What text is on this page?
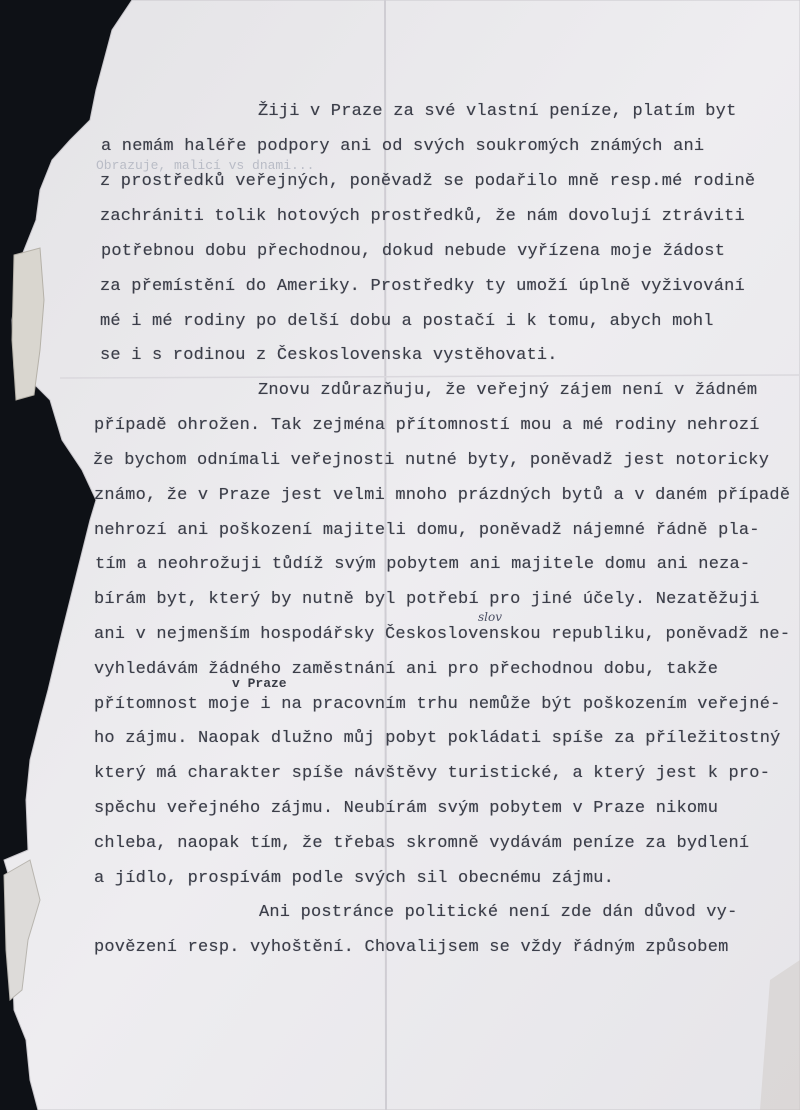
Obrazuje, malicí vs dnami...
Žiji v Praze za své vlastní peníze, platím byt
a nemám haléře podpory ani od svých soukromých známých ani
z prostředků veřejných, poněvadž se podařilo mně resp.mé rodině
zachrániti tolik hotových prostředků, že nám dovolují ztráviti
potřebnou dobu přechodnou, dokud nebude vyřízena moje žádost
za přemístění do Ameriky. Prostředky ty umoží úplně vyživování
mé i mé rodiny po delší dobu a postačí i k tomu, abych mohl
se i s rodinou z Československa vystěhovati.
Znovu zdůrazňuju, že veřejný zájem není v žádném
případě ohrožen. Tak zejména přítomností mou a mé rodiny nehrozí
že bychom odnímali veřejnosti nutné byty, poněvadž jest notoricky
známo, že v Praze jest velmi mnoho prázdných bytů a v daném případě
nehrozí ani poškození majiteli domu, poněvadž nájemné řádně pla-
tím a neohrožuji tůdíž svým pobytem ani majitele domu ani neza-
bírám byt, který by nutně byl potřebí pro jiné účely. Nezatěžuji
slov
ani v nejmenším hospodářsky Československou republiku, poněvadž ne-
vyhledávám žádného zaměstnání ani pro přechodnou dobu, takže
v Praze
přítomnost moje i na pracovním trhu nemůže být poškozením veřejné-
ho zájmu. Naopak dlužno můj pobyt pokládati spíše za příležitostný
který má charakter spíše návštěvy turistické, a který jest k pro-
spěchu veřejného zájmu. Neubírám svým pobytem v Praze nikomu
chleba, naopak tím, že třebas skromně vydávám peníze za bydlení
a jídlo, prospívám podle svých sil obecnému zájmu.
Ani postránce politické není zde dán důvod vy-
povězení resp. vyhoštění. Chovalijsem se vždy řádným způsobem
